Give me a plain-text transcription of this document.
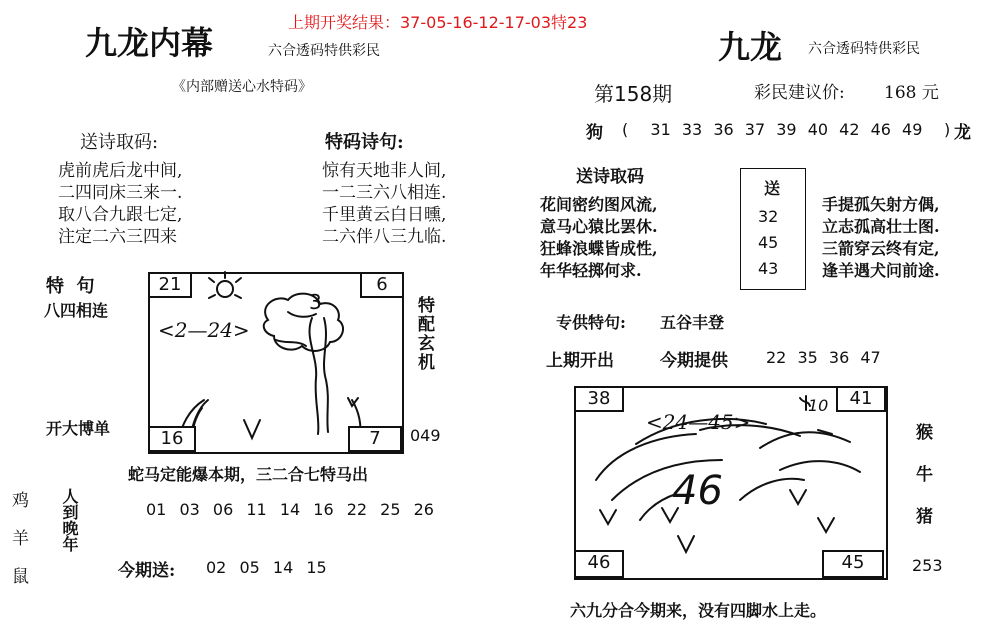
上期开奖结果：37-05-16-12-17-03特23
九龙内幕	六合透码特供彩民
《内部赠送心水特码》
送诗取码:
虎前虎后龙中间,
二四同床三来一.
取八合九跟七定,
注定二六三四来
特码诗句:
惊有天地非人间,
一二三六八相连.
千里黄云白日曛,
二六伴八三九临.
特  句
八四相连
开大博单
<2—24>
3
21	6
16	7
特配玄机
049
蛇马定能爆本期，三二合七特马出
鸡
羊
鼠
人到晚年	01 03 06 11 14 16 22 25 26
今期送: 02 05 14 15
九龙 六合透码特供彩民
第158期	彩民建议价: 168 元
狗 ( 31 33 36 37 39 40 42 46 49 ) 龙
送诗取码
花间密约图风流,
意马心猿比罢休.
狂蜂浪蝶皆成性,
年华轻掷何求.
送
32
45
43
手提孤矢射方偶,
立志孤高壮士图.
三箭穿云终有定,
逢羊遇犬问前途.
专供特句: 五谷丰登
上期开出	今期提供 22 35 36 47
<24—45>
46
10
38	41
46	45
猴
牛
猪
253
六九分合今期来，没有四脚水上走。
